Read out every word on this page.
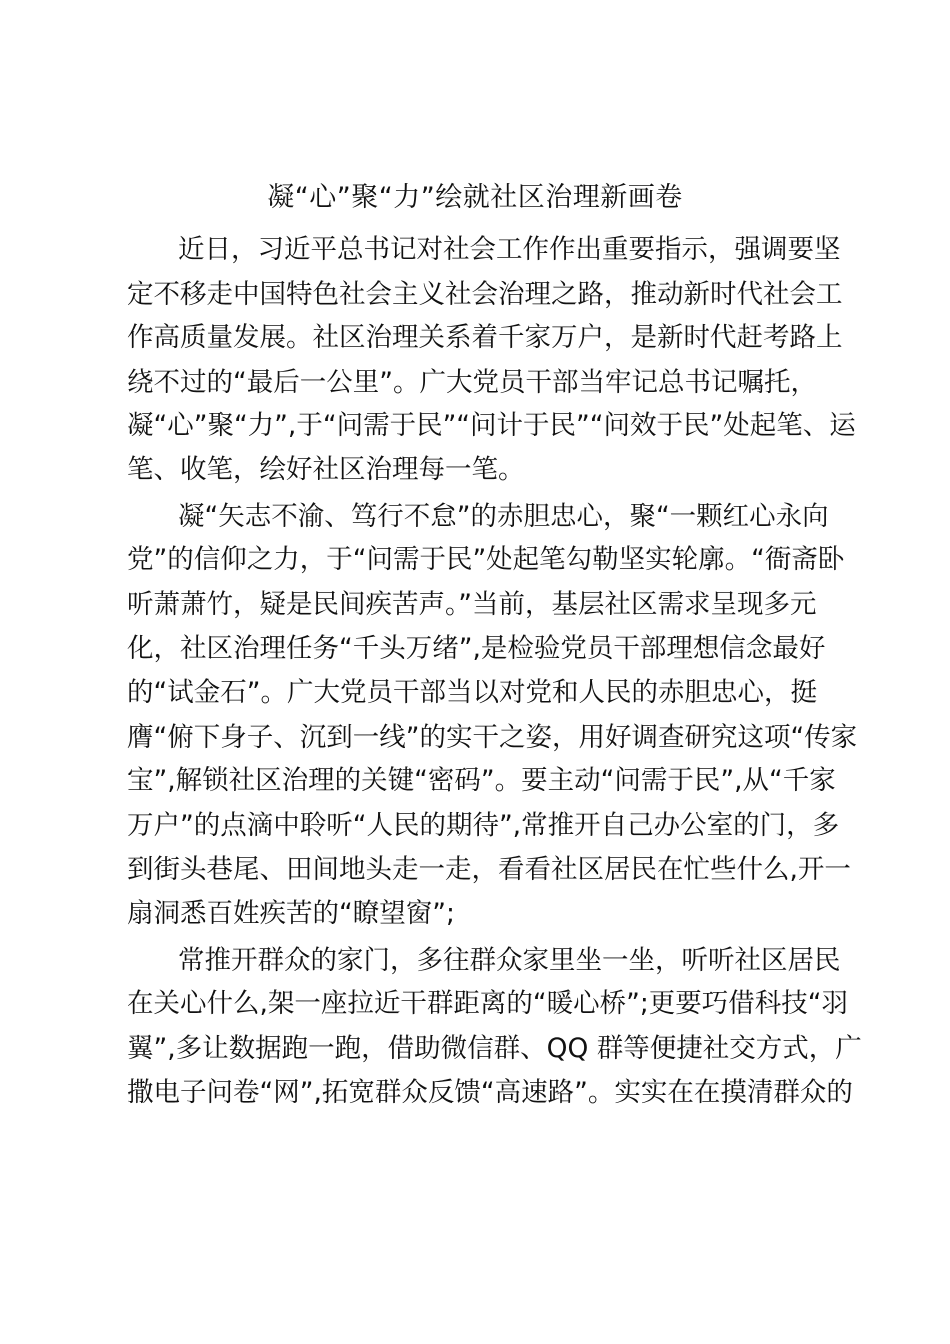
凝“心”聚“力”绘就社区治理新画卷
近日，习近平总书记对社会工作作出重要指示，强调要坚
定不移走中国特色社会主义社会治理之路，推动新时代社会工
作高质量发展。社区治理关系着千家万户，是新时代赶考路上
绕不过的“最后一公里”。广大党员干部当牢记总书记嘱托，
凝“心”聚“力”,于“问需于民”“问计于民”“问效于民”处起笔、运
笔、收笔，绘好社区治理每一笔。
凝“矢志不渝、笃行不怠”的赤胆忠心，聚“一颗红心永向
党”的信仰之力，于“问需于民”处起笔勾勒坚实轮廓。“衙斋卧
听萧萧竹，疑是民间疾苦声。”当前，基层社区需求呈现多元
化，社区治理任务“千头万绪”,是检验党员干部理想信念最好
的“试金石”。广大党员干部当以对党和人民的赤胆忠心，挺
膺“俯下身子、沉到一线”的实干之姿，用好调查研究这项“传家
宝”,解锁社区治理的关键“密码”。要主动“问需于民”,从“千家
万户”的点滴中聆听“人民的期待”,常推开自己办公室的门，多
到街头巷尾、田间地头走一走，看看社区居民在忙些什么,开一
扇洞悉百姓疾苦的“瞭望窗”;
常推开群众的家门，多往群众家里坐一坐，听听社区居民
在关心什么,架一座拉近干群距离的“暖心桥”;更要巧借科技“羽
翼”,多让数据跑一跑，借助微信群、QQ 群等便捷社交方式，广
撒电子问卷“网”,拓宽群众反馈“高速路”。实实在在摸清群众的
